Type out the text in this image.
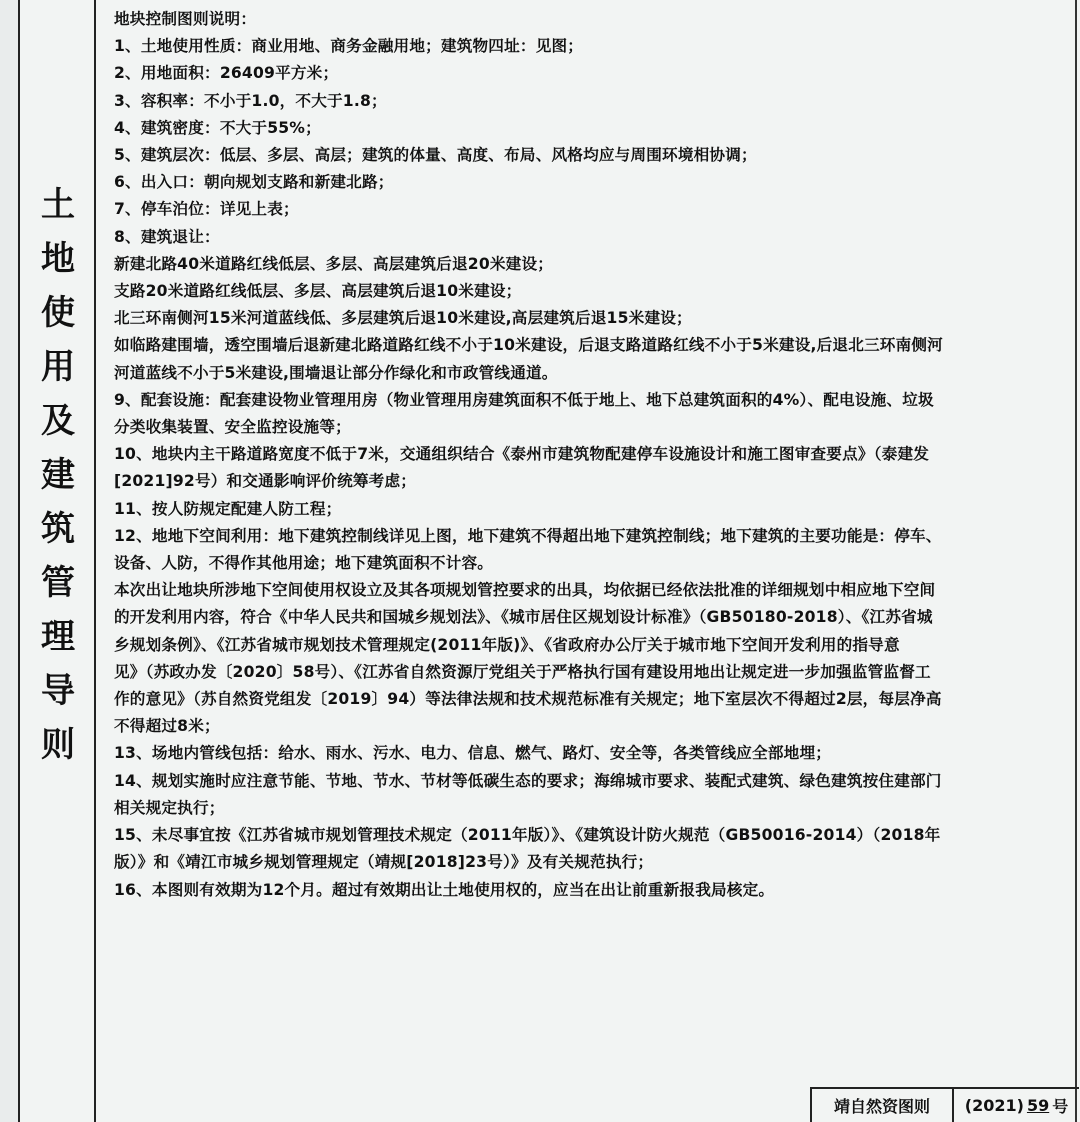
土
地
使
用
及
建
筑
管
理
导
则

地块控制图则说明：

1、土地使用性质：商业用地、商务金融用地；建筑物四址：见图；

2、用地面积：26409平方米；

3、容积率：不小于1.0，不大于1.8；

4、建筑密度：不大于55%；

5、建筑层次：低层、多层、高层；建筑的体量、高度、布局、风格均应与周围环境相协调；

6、出入口：朝向规划支路和新建北路；

7、停车泊位：详见上表；

8、建筑退让：

新建北路40米道路红线低层、多层、高层建筑后退20米建设；

支路20米道路红线低层、多层、高层建筑后退10米建设；

北三环南侧河15米河道蓝线低、多层建筑后退10米建设,高层建筑后退15米建设；

如临路建围墙，透空围墙后退新建北路道路红线不小于10米建设，后退支路道路红线不小于5米建设,后退北三环南侧河

河道蓝线不小于5米建设,围墙退让部分作绿化和市政管线通道。

9、配套设施：配套建设物业管理用房（物业管理用房建筑面积不低于地上、地下总建筑面积的4%）、配电设施、垃圾

分类收集装置、安全监控设施等；

10、地块内主干路道路宽度不低于7米，交通组织结合《泰州市建筑物配建停车设施设计和施工图审查要点》（泰建发

[2021]92号）和交通影响评价统筹考虑；

11、按人防规定配建人防工程；

12、地地下空间利用：地下建筑控制线详见上图，地下建筑不得超出地下建筑控制线；地下建筑的主要功能是：停车、

设备、人防，不得作其他用途；地下建筑面积不计容。

本次出让地块所涉地下空间使用权设立及其各项规划管控要求的出具，均依据已经依法批准的详细规划中相应地下空间

的开发利用内容，符合《中华人民共和国城乡规划法》、《城市居住区规划设计标准》（GB50180-2018）、《江苏省城

乡规划条例》、《江苏省城市规划技术管理规定(2011年版)》、《省政府办公厅关于城市地下空间开发利用的指导意

见》（苏政办发〔2020〕58号）、《江苏省自然资源厅党组关于严格执行国有建设用地出让规定进一步加强监管监督工

作的意见》（苏自然资党组发〔2019〕94）等法律法规和技术规范标准有关规定；地下室层次不得超过2层，每层净高

不得超过8米；

13、场地内管线包括：给水、雨水、污水、电力、信息、燃气、路灯、安全等，各类管线应全部地埋；

14、规划实施时应注意节能、节地、节水、节材等低碳生态的要求；海绵城市要求、装配式建筑、绿色建筑按住建部门

相关规定执行；

15、未尽事宜按《江苏省城市规划管理技术规定（2011年版）》、《建筑设计防火规范（GB50016-2014）（2018年

版）》和《靖江市城乡规划管理规定（靖规[2018]23号）》及有关规范执行；

16、本图则有效期为12个月。超过有效期出让土地使用权的，应当在出让前重新报我局核定。

靖自然资图则	(2021) 59 号
